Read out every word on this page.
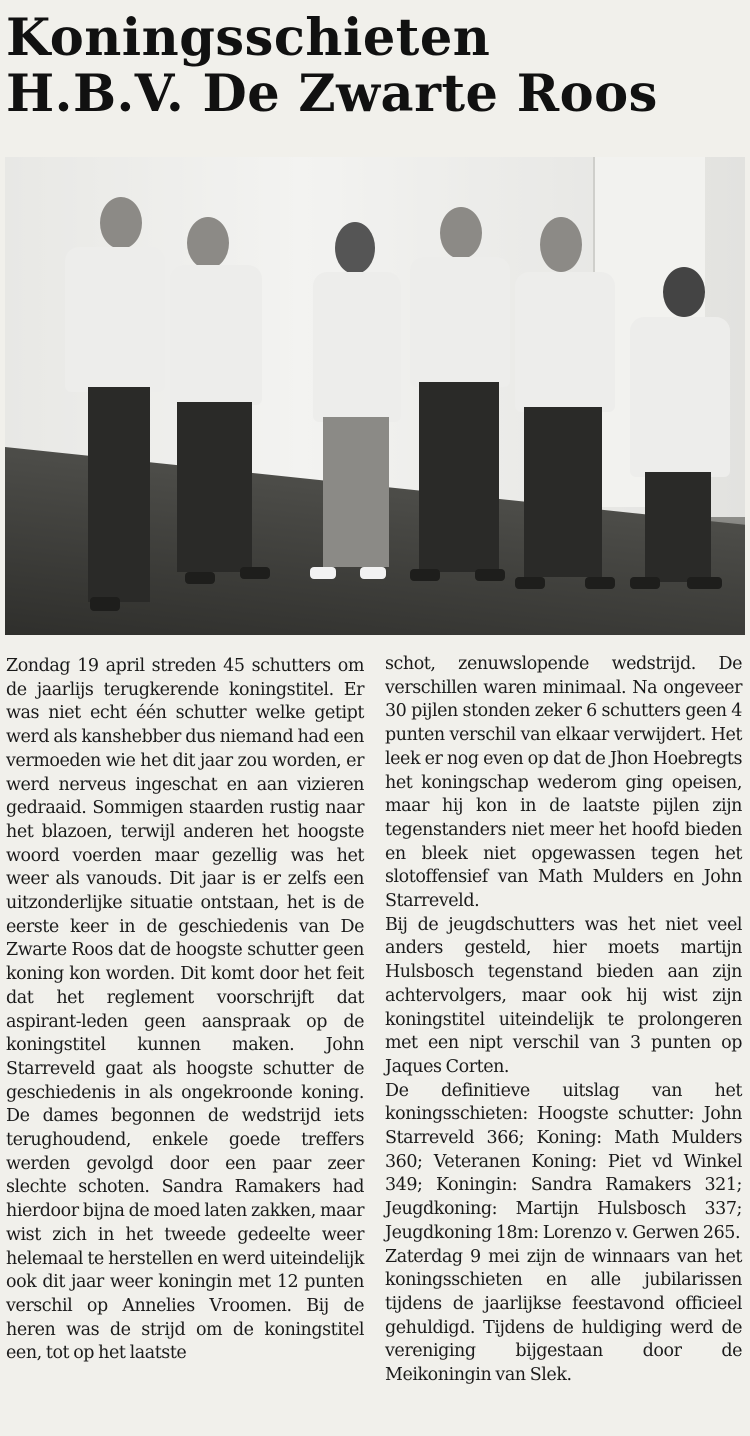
Koningsschieten
H.B.V. De Zwarte Roos

Zondag 19 april streden 45 schutters om de jaarlijs terugkerende koningstitel. Er was niet echt één schutter welke getipt werd als kanshebber dus niemand had een vermoeden wie het dit jaar zou worden, er werd nerveus ingeschat en aan vizieren gedraaid. Sommigen staarden rustig naar het blazoen, terwijl anderen het hoogste woord voerden maar gezellig was het weer als vanouds. Dit jaar is er zelfs een uitzonderlijke situatie ontstaan, het is de eerste keer in de geschiedenis van De Zwarte Roos dat de hoogste schutter geen koning kon worden. Dit komt door het feit dat het reglement voorschrijft dat aspirant-leden geen aanspraak op de koningstitel kunnen maken. John Starreveld gaat als hoogste schutter de geschiedenis in als ongekroonde koning. De dames begonnen de wedstrijd iets terughoudend, enkele goede treffers werden gevolgd door een paar zeer slechte schoten. Sandra Ramakers had hierdoor bijna de moed laten zakken, maar wist zich in het tweede gedeelte weer helemaal te herstellen en werd uiteindelijk ook dit jaar weer koningin met 12 punten verschil op Annelies Vroomen. Bij de heren was de strijd om de koningstitel een, tot op het laatste

schot, zenuwslopende wedstrijd. De verschillen waren minimaal. Na ongeveer 30 pijlen stonden zeker 6 schutters geen 4 punten verschil van elkaar verwijdert. Het leek er nog even op dat de Jhon Hoebregts het koningschap wederom ging opeisen, maar hij kon in de laatste pijlen zijn tegenstanders niet meer het hoofd bieden en bleek niet opgewassen tegen het slotoffensief van Math Mulders en John Starreveld.

Bij de jeugdschutters was het niet veel anders gesteld, hier moets martijn Hulsbosch tegenstand bieden aan zijn achtervolgers, maar ook hij wist zijn koningstitel uiteindelijk te prolongeren met een nipt verschil van 3 punten op Jaques Corten.

De definitieve uitslag van het koningsschieten: Hoogste schutter: John Starreveld 366; Koning: Math Mulders 360; Veteranen Koning: Piet vd Winkel 349; Koningin: Sandra Ramakers 321; Jeugdkoning: Martijn Hulsbosch 337; Jeugdkoning 18m: Lorenzo v. Gerwen 265.

Zaterdag 9 mei zijn de winnaars van het koningsschieten en alle jubilarissen tijdens de jaarlijkse feestavond officieel gehuldigd. Tijdens de huldiging werd de vereniging bijgestaan door de Meikoningin van Slek.
